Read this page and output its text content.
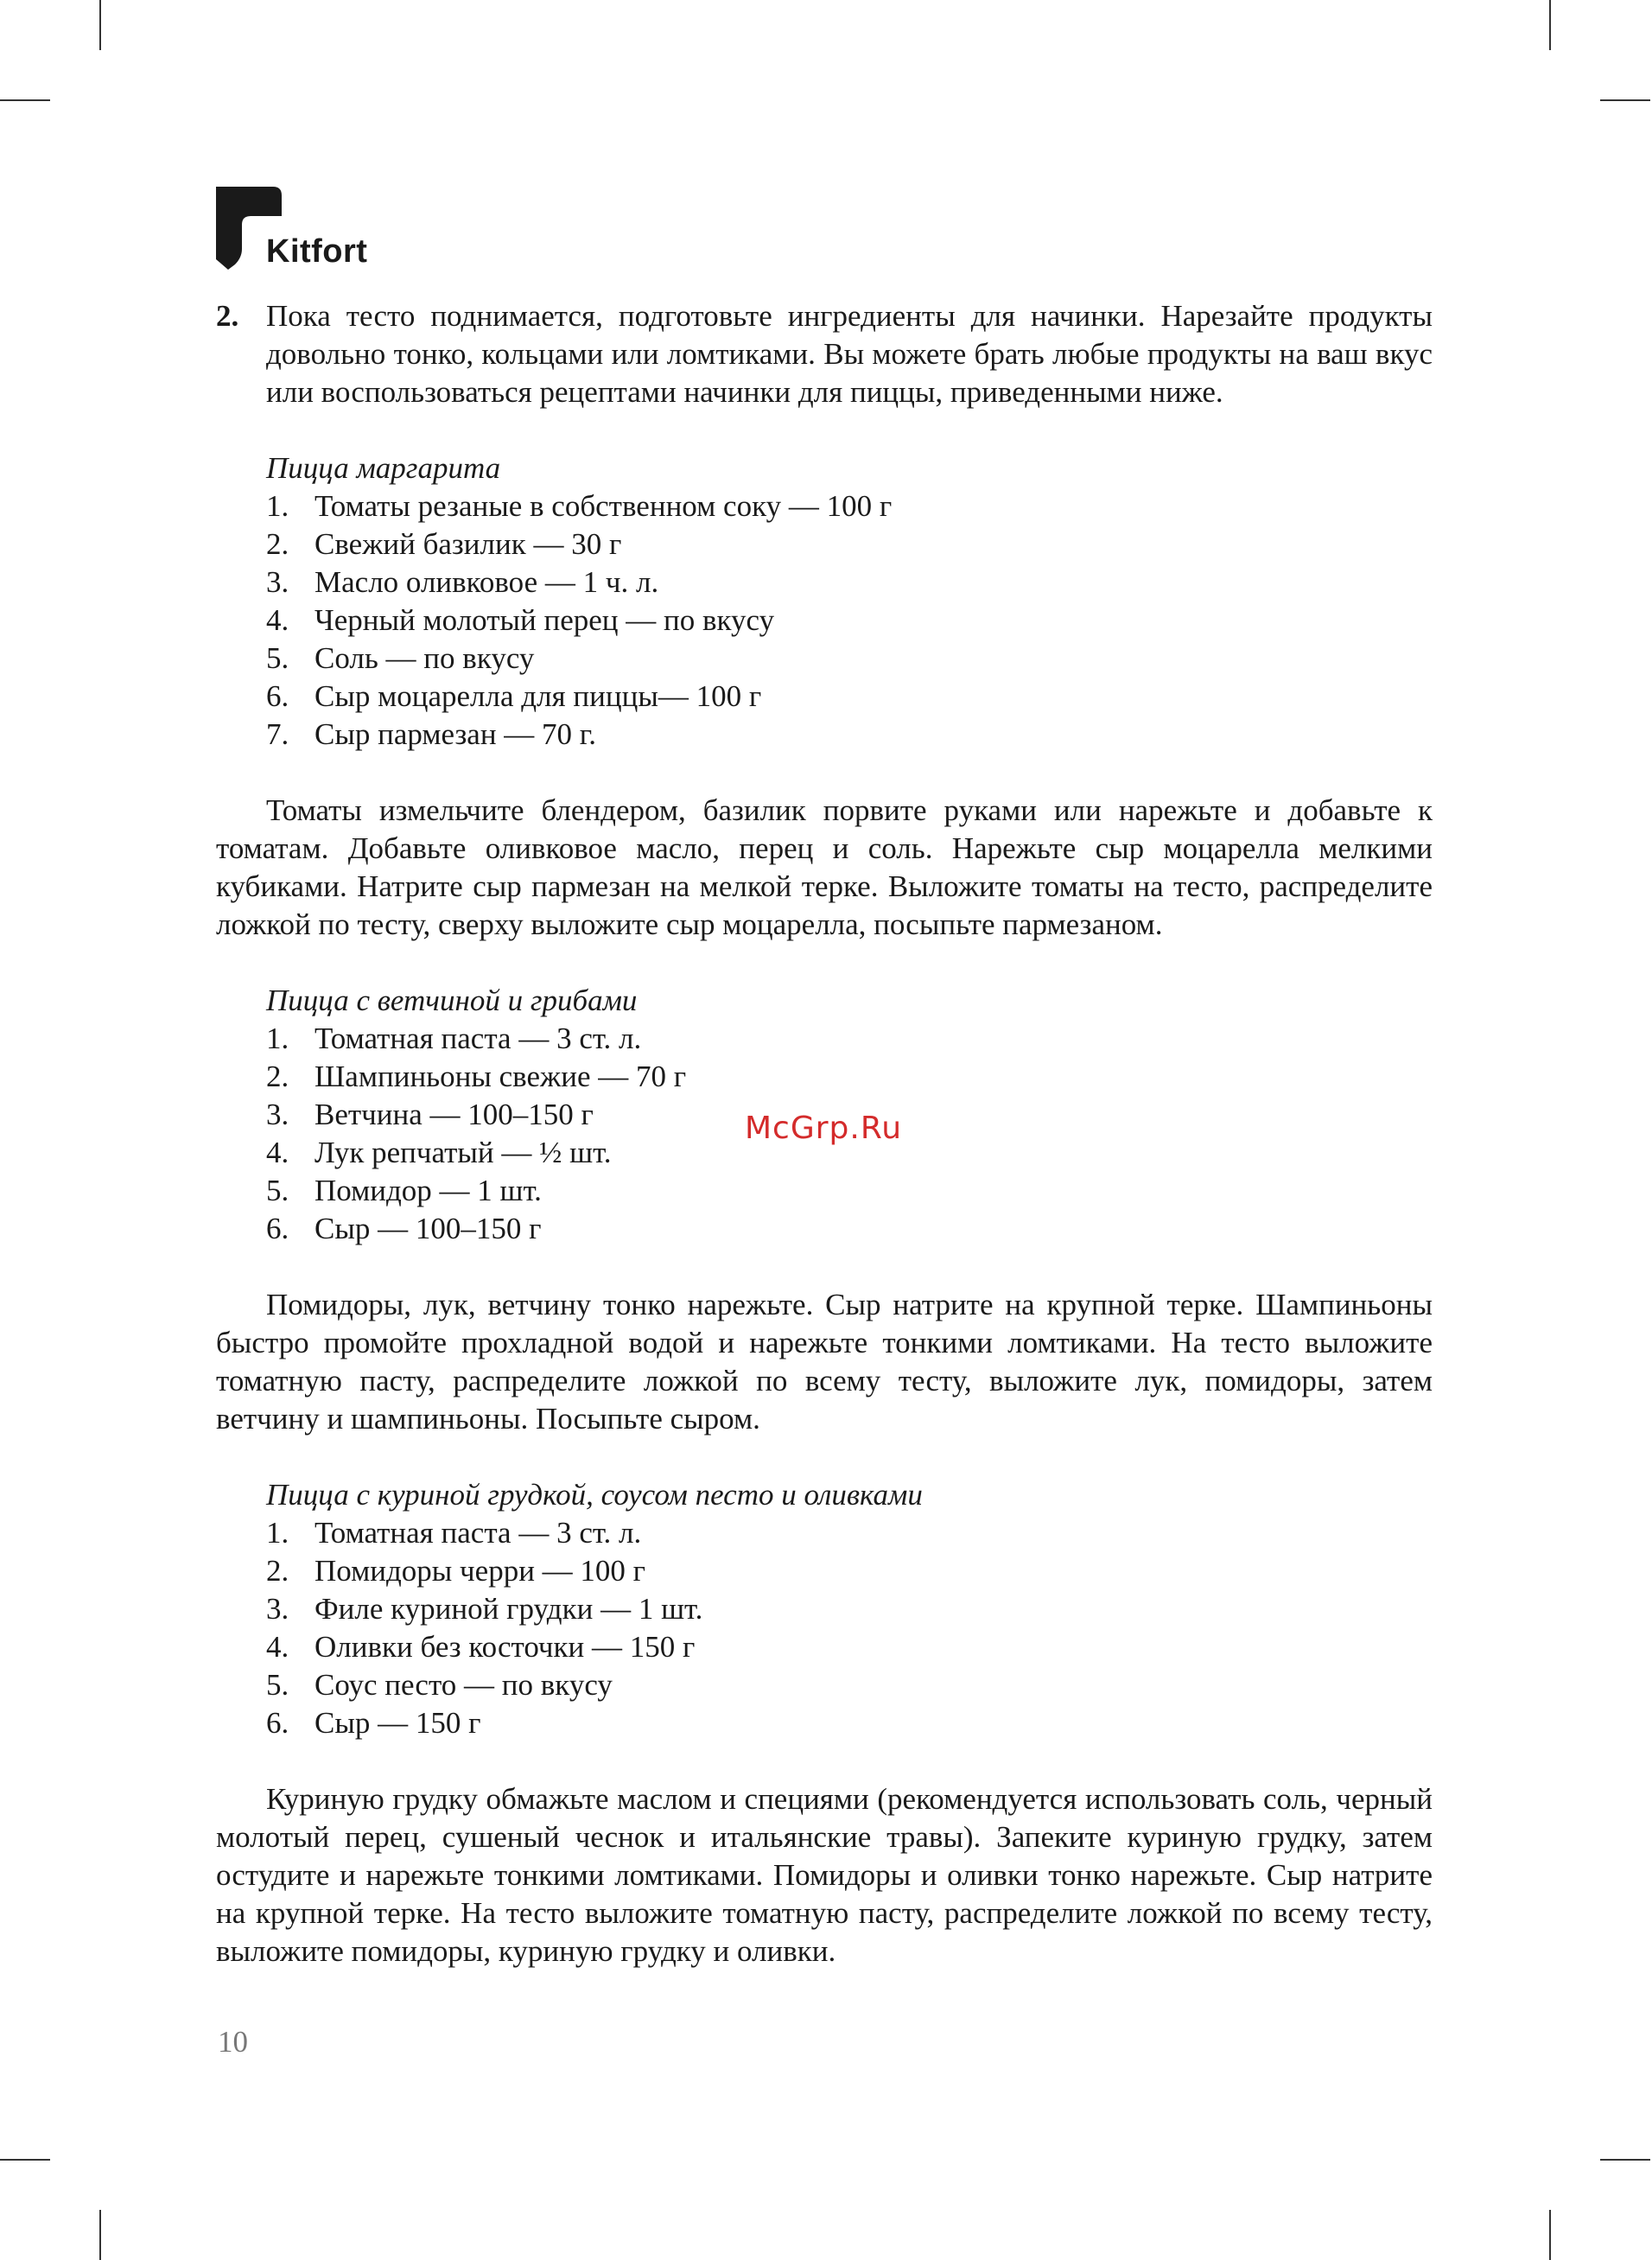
Kitfort
2. Пока тесто поднимается, подготовьте ингредиенты для начинки. Нарезайте продукты довольно тонко, кольцами или ломтиками. Вы можете брать любые продукты на ваш вкус или воспользоваться рецептами начинки для пиццы, приведенными ниже.
Пицца маргарита
1. Томаты резаные в собственном соку — 100 г
2. Свежий базилик — 30 г
3. Масло оливковое — 1 ч. л.
4. Черный молотый перец — по вкусу
5. Соль — по вкусу
6. Сыр моцарелла для пиццы— 100 г
7. Сыр пармезан — 70 г.
Томаты измельчите блендером, базилик порвите руками или нарежьте и добавьте к томатам. Добавьте оливковое масло, перец и соль. Нарежьте сыр моцарелла мелкими кубиками. Натрите сыр пармезан на мелкой терке. Выложите томаты на тесто, распределите ложкой по тесту, сверху выложите сыр моцарелла, посыпьте пармезаном.
Пицца с ветчиной и грибами
1. Томатная паста — 3 ст. л.
2. Шампиньоны свежие — 70 г
3. Ветчина — 100–150 г
4. Лук репчатый — ½ шт.
5. Помидор — 1 шт.
6. Сыр — 100–150 г
Помидоры, лук, ветчину тонко нарежьте. Сыр натрите на крупной терке. Шампиньоны быстро промойте прохладной водой и нарежьте тонкими ломтиками. На тесто выложите томатную пасту, распределите ложкой по всему тесту, выложите лук, помидоры, затем ветчину и шампиньоны. Посыпьте сыром.
Пицца с куриной грудкой, соусом песто и оливками
1. Томатная паста — 3 ст. л.
2. Помидоры черри — 100 г
3. Филе куриной грудки — 1 шт.
4. Оливки без косточки — 150 г
5. Соус песто — по вкусу
6. Сыр — 150 г
Куриную грудку обмажьте маслом и специями (рекомендуется использовать соль, черный молотый перец, сушеный чеснок и итальянские травы). Запеките куриную грудку, затем остудите и нарежьте тонкими ломтиками. Помидоры и оливки тонко нарежьте. Сыр натрите на крупной терке. На тесто выложите томатную пасту, распределите ложкой по всему тесту, выложите помидоры, куриную грудку и оливки.
McGrp.Ru
10
